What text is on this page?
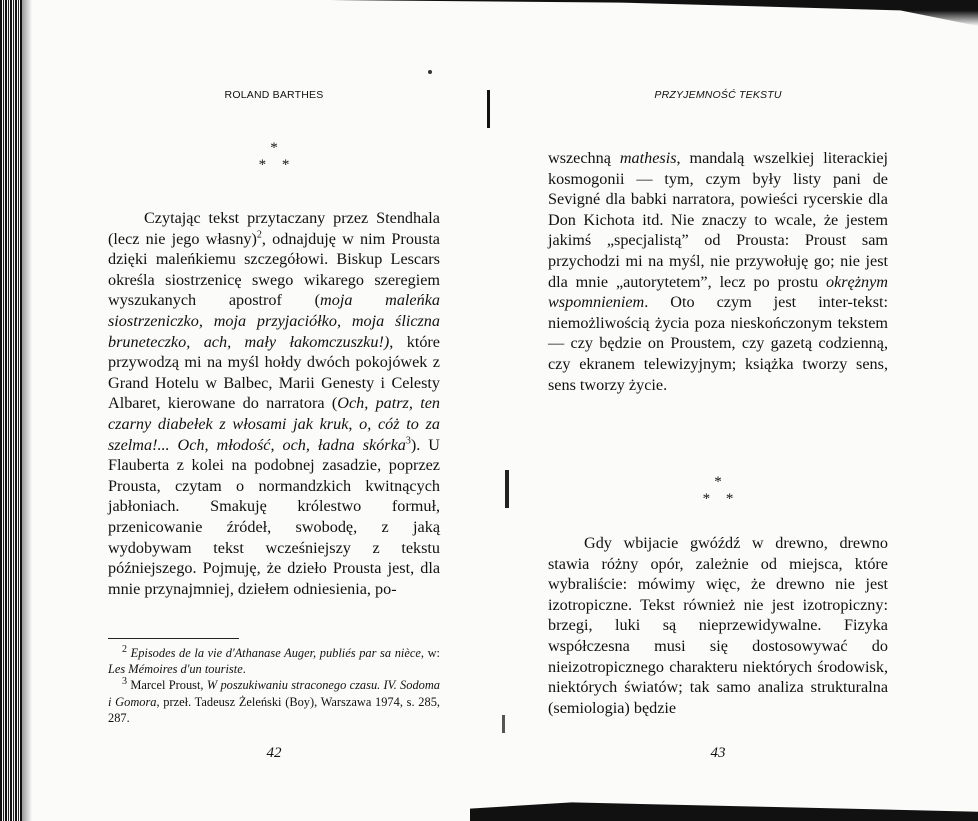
ROLAND BARTHES
*
* *

Czytając tekst przytaczany przez Stendhala (lecz nie jego własny)$^2$, odnajduję w nim Prousta dzięki maleńkiemu szczegółowi. Biskup Lescars określa siostrzenicę swego wikarego szeregiem wyszukanych apostrof (moja maleńka siostrzeniczko, moja przyjaciółko, moja śliczna bruneteczko, ach, mały łakomczuszku!), które przywodzą mi na myśl hołdy dwóch pokojówek z Grand Hotelu w Balbec, Marii Genesty i Celesty Albaret, kierowane do narratora (Och, patrz, ten czarny diabełek z włosami jak kruk, o, cóż to za szelma!... Och, młodość, och, ładna skórka$^3$). U Flauberta z kolei na podobnej zasadzie, poprzez Prousta, czytam o normandzkich kwitnących jabłoniach. Smakuję królestwo formuł, przenicowanie źródeł, swobodę, z jaką wydobywam tekst wcześniejszy z tekstu późniejszego. Pojmuję, że dzieło Prousta jest, dla mnie przynajmniej, dziełem odniesienia, po-

$^2$ Episodes de la vie d'Athanase Auger, publiés par sa nièce, w: Les Mémoires d'un touriste.

$^3$ Marcel Proust, W poszukiwaniu straconego czasu. IV. Sodoma i Gomora, przeł. Tadeusz Żeleński (Boy), Warszawa 1974, s. 285, 287.

42
PRZYJEMNOŚĆ TEKSTU

wszechną mathesis, mandalą wszelkiej literackiej kosmogonii — tym, czym były listy pani de Sevigné dla babki narratora, powieści rycerskie dla Don Kichota itd. Nie znaczy to wcale, że jestem jakimś „specjalistą” od Prousta: Proust sam przychodzi mi na myśl, nie przywołuję go; nie jest dla mnie „autorytetem”, lecz po prostu okrężnym wspomnieniem. Oto czym jest inter-tekst: niemożliwością życia poza nieskończonym tekstem — czy będzie on Proustem, czy gazetą codzienną, czy ekranem telewizyjnym; książka tworzy sens, sens tworzy życie.

*
* *

Gdy wbijacie gwóźdź w drewno, drewno stawia różny opór, zależnie od miejsca, które wybraliście: mówimy więc, że drewno nie jest izotropiczne. Tekst również nie jest izotropiczny: brzegi, luki są nieprzewidywalne. Fizyka współczesna musi się dostosowywać do nieizotropicznego charakteru niektórych środowisk, niektórych światów; tak samo analiza strukturalna (semiologia) będzie

43
